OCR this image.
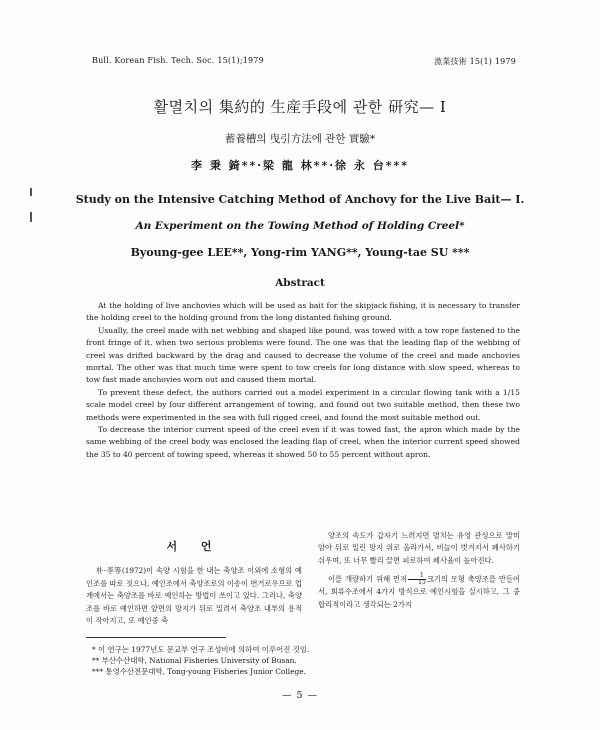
Bull. Korean Fish. Tech. Soc. 15(1);1979	漁業技術 15(1) 1979
활멸치의 集約的 生産手段에 관한 研究— I
蓄養槽의 曳引方法에 관한 實驗*
李 秉 錡**·梁 龍 林**·徐 永 台***
Study on the Intensive Catching Method of Anchovy for the Live Bait— I.
An Experiment on the Towing Method of Holding Creel*
Byoung-gee LEE**, Yong-rim YANG**, Young-tae SU ***
Abstract

At the holding of live anchovies which will be used as bait for the skipjack fishing, it is necessary to transfer the holding creel to the holding ground from the long distanted fishing ground.

Usually, the creel made with net webbing and shaped like pound, was towed with a tow rope fastened to the front fringe of it, when two serious problems were found. The one was that the leading flap of the webbing of creel was drifted backward by the drag and caused to decrease the volume of the creel and made anchovies mortal. The other was that much time were spent to tow creels for long distance with slow speed, whereas to tow fast made anchovies worn out and caused them mortal.

To prevent these defect, the authors carried out a model experiment in a circular flowing tank with a 1/15 scale model creel by four different arrangement of towing, and found out two suitable method, then these two methods were experimented in the sea with full rigged creel, and found the most suitable method out.

To decrease the interior current speed of the creel even if it was towed fast, the apron which made by the same webbing of the creel body was enclosed the leading flap of creel, when the interior current speed showed the 35 to 40 percent of towing speed, whereas it showed 50 to 55 percent without apron.

서 언

朴·李等(1972)이 속양 시험을 한 내는 축양조 이외에 소형의 예인조를 따로 짓으나, 예인조에서 축양조로의 이송이 번거로우므로 업계에서는 축양조를 바로 예인하는 방법이 쓰이고 있다. 그러나, 축양조를 바로 예인하면 앞면의 망지가 뒤로 밀려서 축양조 내부의 용적이 작아지고, 또 예인중 축

양조의 속도가 갑자기 느려지면 멸치는 유영 관성으로 말미암아 뒤로 밀린 망지 위로 올라가서, 비늘이 벗겨지서 폐사하기 쉬우며, 또 너무 빨리 끌면 피로하여 폐사율이 높아진다.

이를 개량하기 위해 먼저 $\frac{1}{15}$ 크기의 모형 축양조를 만들어서, 회류수조에서 4가지 방식으로 예인시험을 실시하고, 그 중 합리적이라고 생각되는 2가지

* 이 연구는 1977년도 문교부 연구 조성비에 의하여 이루어진 것임.
** 부산수산대학, National Fisheries University of Busan.
*** 통영수산전문대학, Tong-young Fisheries Junior College.
— 5 —
